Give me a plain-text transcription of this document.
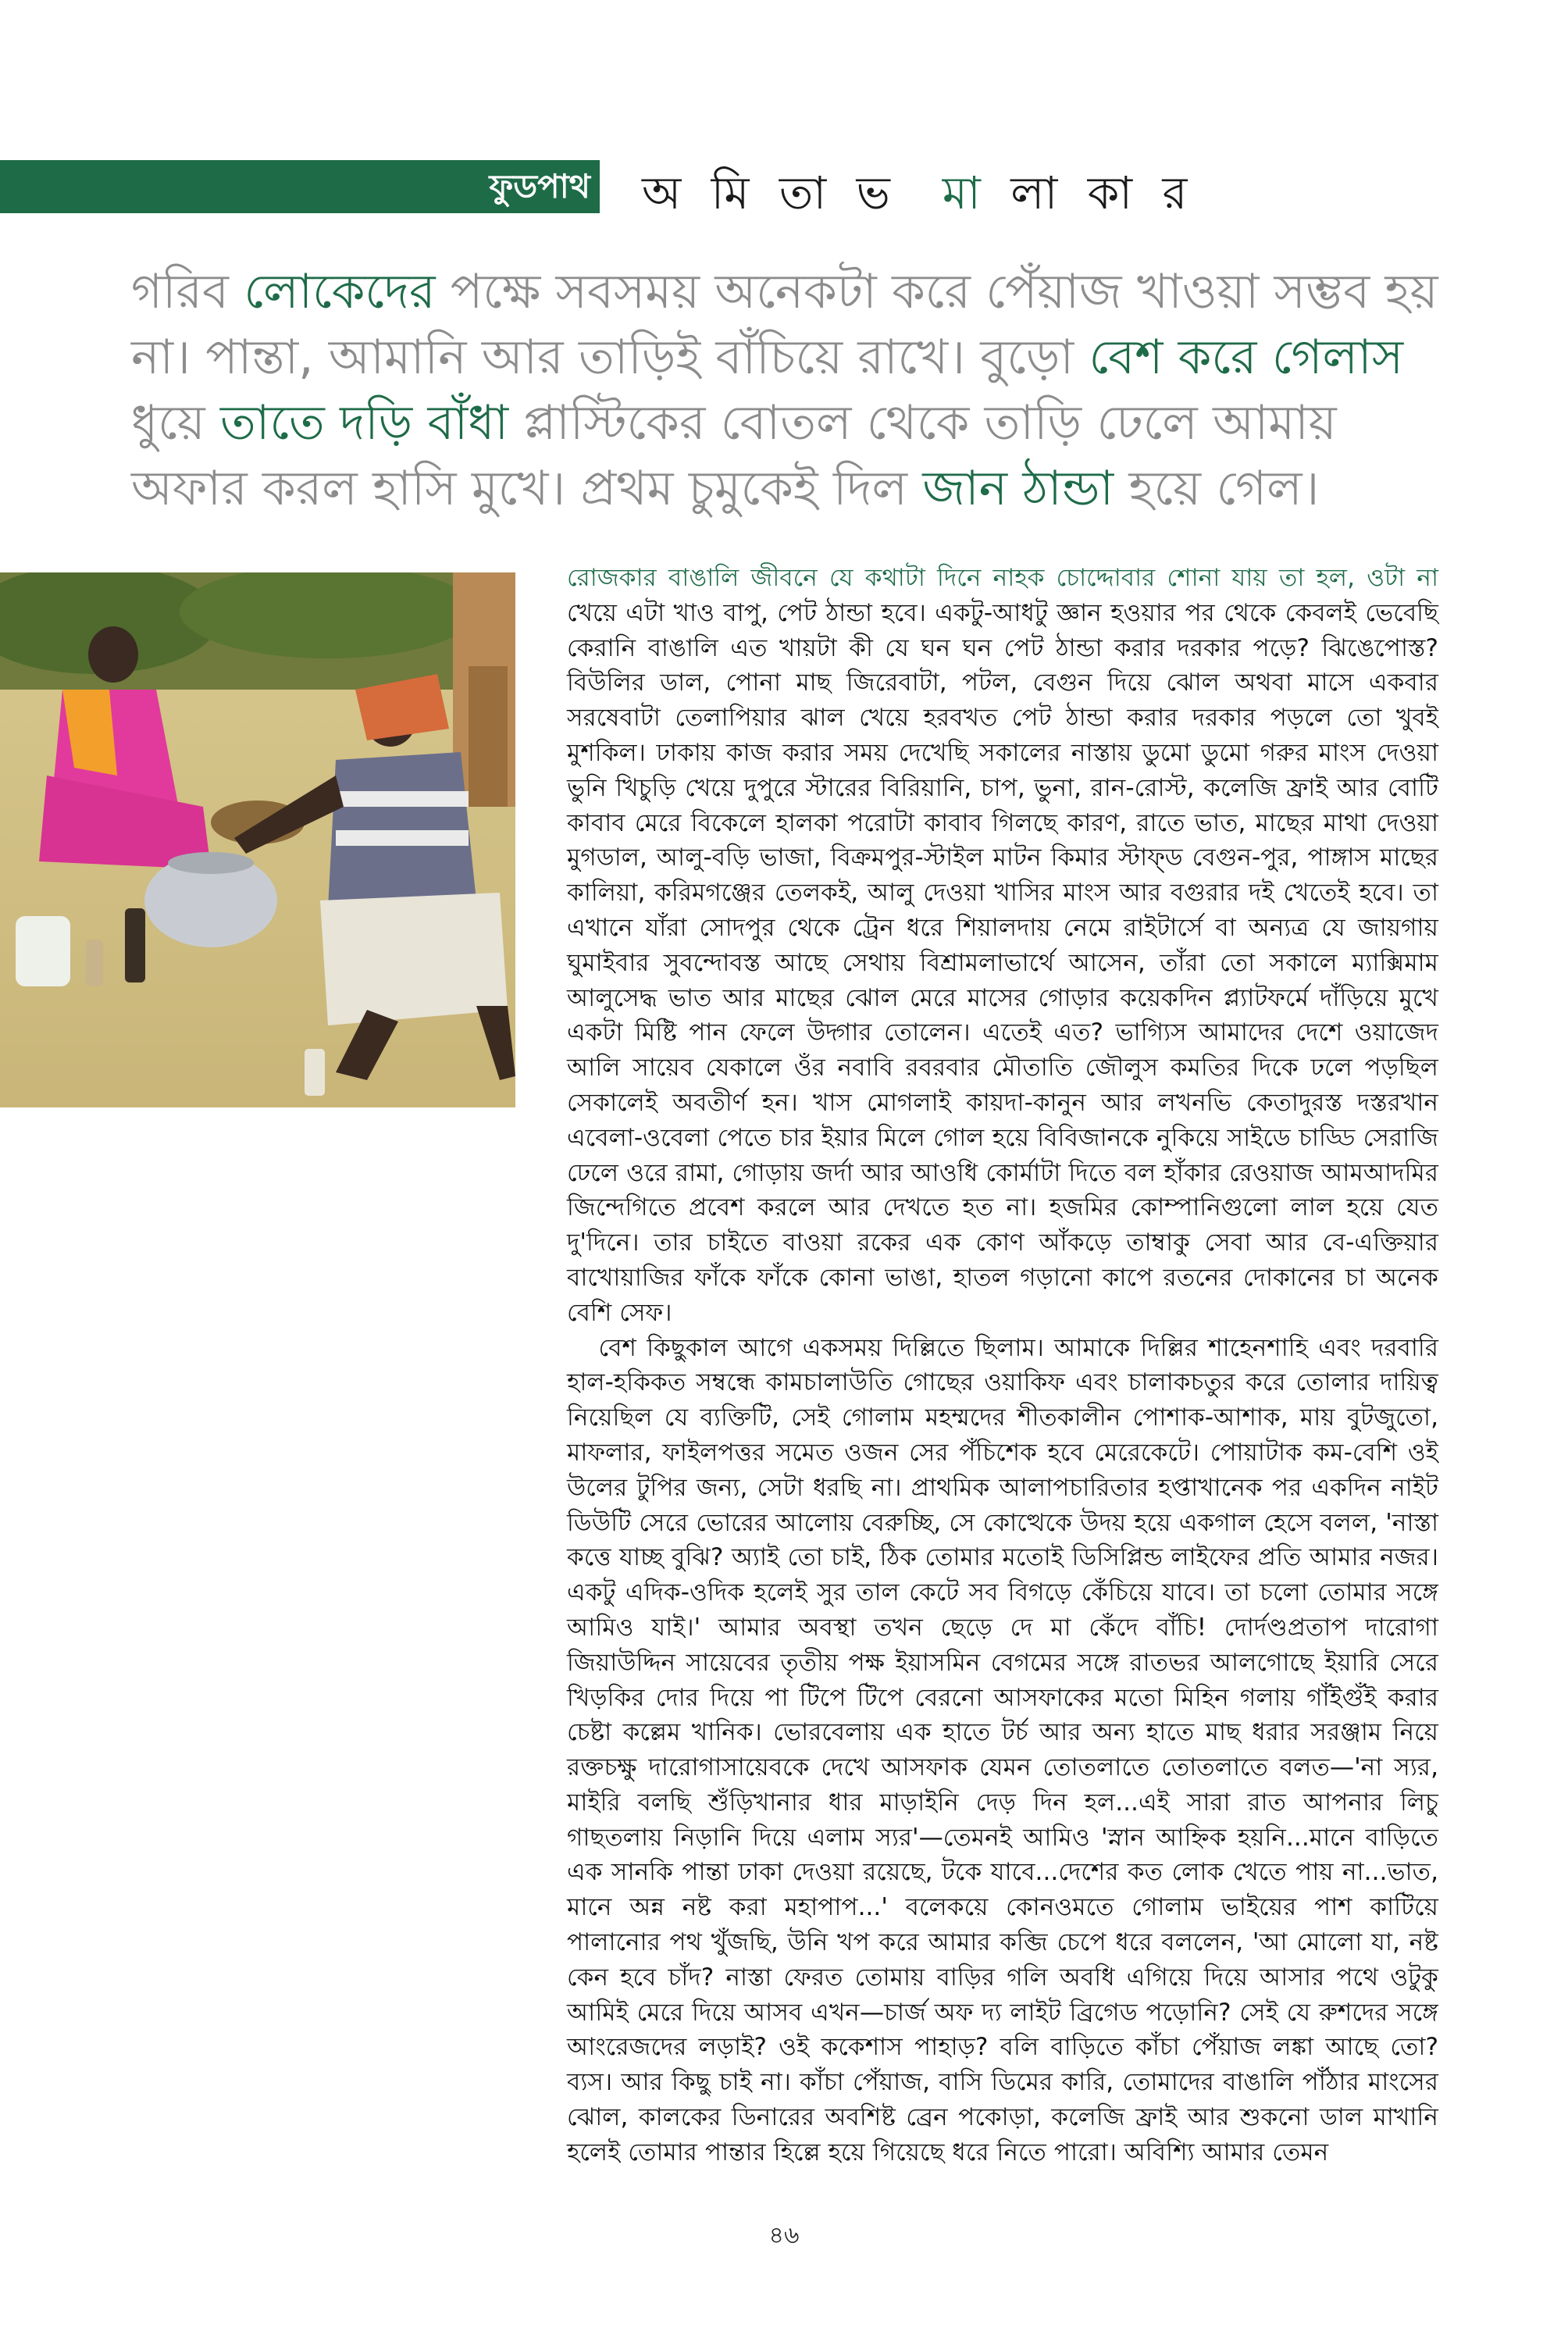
ফুডপাথ অ মি তা ভ মা লা কা র
গরিব লোকেদের পক্ষে সবসময় অনেকটা করে পেঁয়াজ খাওয়া সম্ভব হয় না। পান্তা, আমানি আর তাড়িই বাঁচিয়ে রাখে। বুড়ো বেশ করে গেলাস ধুয়ে তাতে দড়ি বাঁধা প্লাস্টিকের বোতল থেকে তাড়ি ঢেলে আমায় অফার করল হাসি মুখে। প্রথম চুমুকেই দিল জান ঠান্ডা হয়ে গেল।

রোজকার বাঙালি জীবনে যে কথাটা দিনে নাহক চোদ্দোবার শোনা যায় তা হল, ওটা না খেয়ে এটা খাও বাপু, পেট ঠান্ডা হবে। একটু-আধটু জ্ঞান হওয়ার পর থেকে কেবলই ভেবেছি কেরানি বাঙালি এত খায়টা কী যে ঘন ঘন পেট ঠান্ডা করার দরকার পড়ে? ঝিঙেপোস্ত? বিউলির ডাল, পোনা মাছ জিরেবাটা, পটল, বেগুন দিয়ে ঝোল অথবা মাসে একবার সরষেবাটা তেলাপিয়ার ঝাল খেয়ে হরবখত পেট ঠান্ডা করার দরকার পড়লে তো খুবই মুশকিল। ঢাকায় কাজ করার সময় দেখেছি সকালের নাস্তায় ডুমো ডুমো গরুর মাংস দেওয়া ভুনি খিচুড়ি খেয়ে দুপুরে স্টারের বিরিয়ানি, চাপ, ভুনা, রান-রোস্ট, কলেজি ফ্রাই আর বোটি কাবাব মেরে বিকেলে হালকা পরোটা কাবাব গিলছে কারণ, রাতে ভাত, মাছের মাথা দেওয়া মুগডাল, আলু-বড়ি ভাজা, বিক্রমপুর-স্টাইল মাটন কিমার স্টাফ্‌ড বেগুন-পুর, পাঙ্গাস মাছের কালিয়া, করিমগঞ্জের তেলকই, আলু দেওয়া খাসির মাংস আর বগুরার দই খেতেই হবে। তা এখানে যাঁরা সোদপুর থেকে ট্রেন ধরে শিয়ালদায় নেমে রাইটার্সে বা অন্যত্র যে জায়গায় ঘুমাইবার সুবন্দোবস্ত আছে সেথায় বিশ্রামলাভার্থে আসেন, তাঁরা তো সকালে ম্যাক্সিমাম আলুসেদ্ধ ভাত আর মাছের ঝোল মেরে মাসের গোড়ার কয়েকদিন প্ল্যাটফর্মে দাঁড়িয়ে মুখে একটা মিষ্টি পান ফেলে উদ্গার তোলেন। এতেই এত? ভাগ্যিস আমাদের দেশে ওয়াজেদ আলি সায়েব যেকালে ওঁর নবাবি রবরবার মৌতাতি জৌলুস কমতির দিকে ঢলে পড়ছিল সেকালেই অবতীর্ণ হন। খাস মোগলাই কায়দা-কানুন আর লখনভি কেতাদুরস্ত দস্তরখান এবেলা-ওবেলা পেতে চার ইয়ার মিলে গোল হয়ে বিবিজানকে নুকিয়ে সাইডে চাড্ডি সেরাজি ঢেলে ওরে রামা, গোড়ায় জর্দা আর আওধি কোর্মাটা দিতে বল হাঁকার রেওয়াজ আমআদমির জিন্দেগিতে প্রবেশ করলে আর দেখতে হত না। হজমির কোম্পানিগুলো লাল হয়ে যেত দু'দিনে। তার চাইতে বাওয়া রকের এক কোণ আঁকড়ে তাম্বাকু সেবা আর বে-এক্তিয়ার বাখোয়াজির ফাঁকে ফাঁকে কোনা ভাঙা, হাতল গড়ানো কাপে রতনের দোকানের চা অনেক বেশি সেফ।

বেশ কিছুকাল আগে একসময় দিল্লিতে ছিলাম। আমাকে দিল্লির শাহেনশাহি এবং দরবারি হাল-হকিকত সম্বন্ধে কামচালাউতি গোছের ওয়াকিফ এবং চালাকচতুর করে তোলার দায়িত্ব নিয়েছিল যে ব্যক্তিটি, সেই গোলাম মহম্মদের শীতকালীন পোশাক-আশাক, মায় বুটজুতো, মাফলার, ফাইলপত্তর সমেত ওজন সের পঁচিশেক হবে মেরেকেটে। পোয়াটাক কম-বেশি ওই উলের টুপির জন্য, সেটা ধরছি না। প্রাথমিক আলাপচারিতার হপ্তাখানেক পর একদিন নাইট ডিউটি সেরে ভোরের আলোয় বেরুচ্ছি, সে কোত্থেকে উদয় হয়ে একগাল হেসে বলল, 'নাস্তা কত্তে যাচ্ছ বুঝি? অ্যাই তো চাই, ঠিক তোমার মতোই ডিসিপ্লিন্ড লাইফের প্রতি আমার নজর। একটু এদিক-ওদিক হলেই সুর তাল কেটে সব বিগড়ে কেঁচিয়ে যাবে। তা চলো তোমার সঙ্গে আমিও যাই।' আমার অবস্থা তখন ছেড়ে দে মা কেঁদে বাঁচি! দোর্দণ্ডপ্রতাপ দারোগা জিয়াউদ্দিন সায়েবের তৃতীয় পক্ষ ইয়াসমিন বেগমের সঙ্গে রাতভর আলগোছে ইয়ারি সেরে খিড়কির দোর দিয়ে পা টিপে টিপে বেরনো আসফাকের মতো মিহিন গলায় গাঁইগুঁই করার চেষ্টা কল্লেম খানিক। ভোরবেলায় এক হাতে টর্চ আর অন্য হাতে মাছ ধরার সরঞ্জাম নিয়ে রক্তচক্ষু দারোগাসায়েবকে দেখে আসফাক যেমন তোতলাতে তোতলাতে বলত—'না স্যর, মাইরি বলছি শুঁড়িখানার ধার মাড়াইনি দেড় দিন হল...এই সারা রাত আপনার লিচু গাছতলায় নিড়ানি দিয়ে এলাম স্যর'—তেমনই আমিও 'স্নান আহ্নিক হয়নি...মানে বাড়িতে এক সানকি পান্তা ঢাকা দেওয়া রয়েছে, টকে যাবে...দেশের কত লোক খেতে পায় না...ভাত, মানে অন্ন নষ্ট করা মহাপাপ...' বলেকয়ে কোনওমতে গোলাম ভাইয়ের পাশ কাটিয়ে পালানোর পথ খুঁজছি, উনি খপ করে আমার কব্জি চেপে ধরে বললেন, 'আ মোলো যা, নষ্ট কেন হবে চাঁদ? নাস্তা ফেরত তোমায় বাড়ির গলি অবধি এগিয়ে দিয়ে আসার পথে ওটুকু আমিই মেরে দিয়ে আসব এখন—চার্জ অফ দ্য লাইট ব্রিগেড পড়োনি? সেই যে রুশদের সঙ্গে আংরেজদের লড়াই? ওই ককেশাস পাহাড়? বলি বাড়িতে কাঁচা পেঁয়াজ লঙ্কা আছে তো? ব্যস। আর কিছু চাই না। কাঁচা পেঁয়াজ, বাসি ডিমের কারি, তোমাদের বাঙালি পাঁঠার মাংসের ঝোল, কালকের ডিনারের অবশিষ্ট ব্রেন পকোড়া, কলেজি ফ্রাই আর শুকনো ডাল মাখানি হলেই তোমার পান্তার হিল্লে হয়ে গিয়েছে ধরে নিতে পারো। অবিশ্যি আমার তেমন

৪৬
